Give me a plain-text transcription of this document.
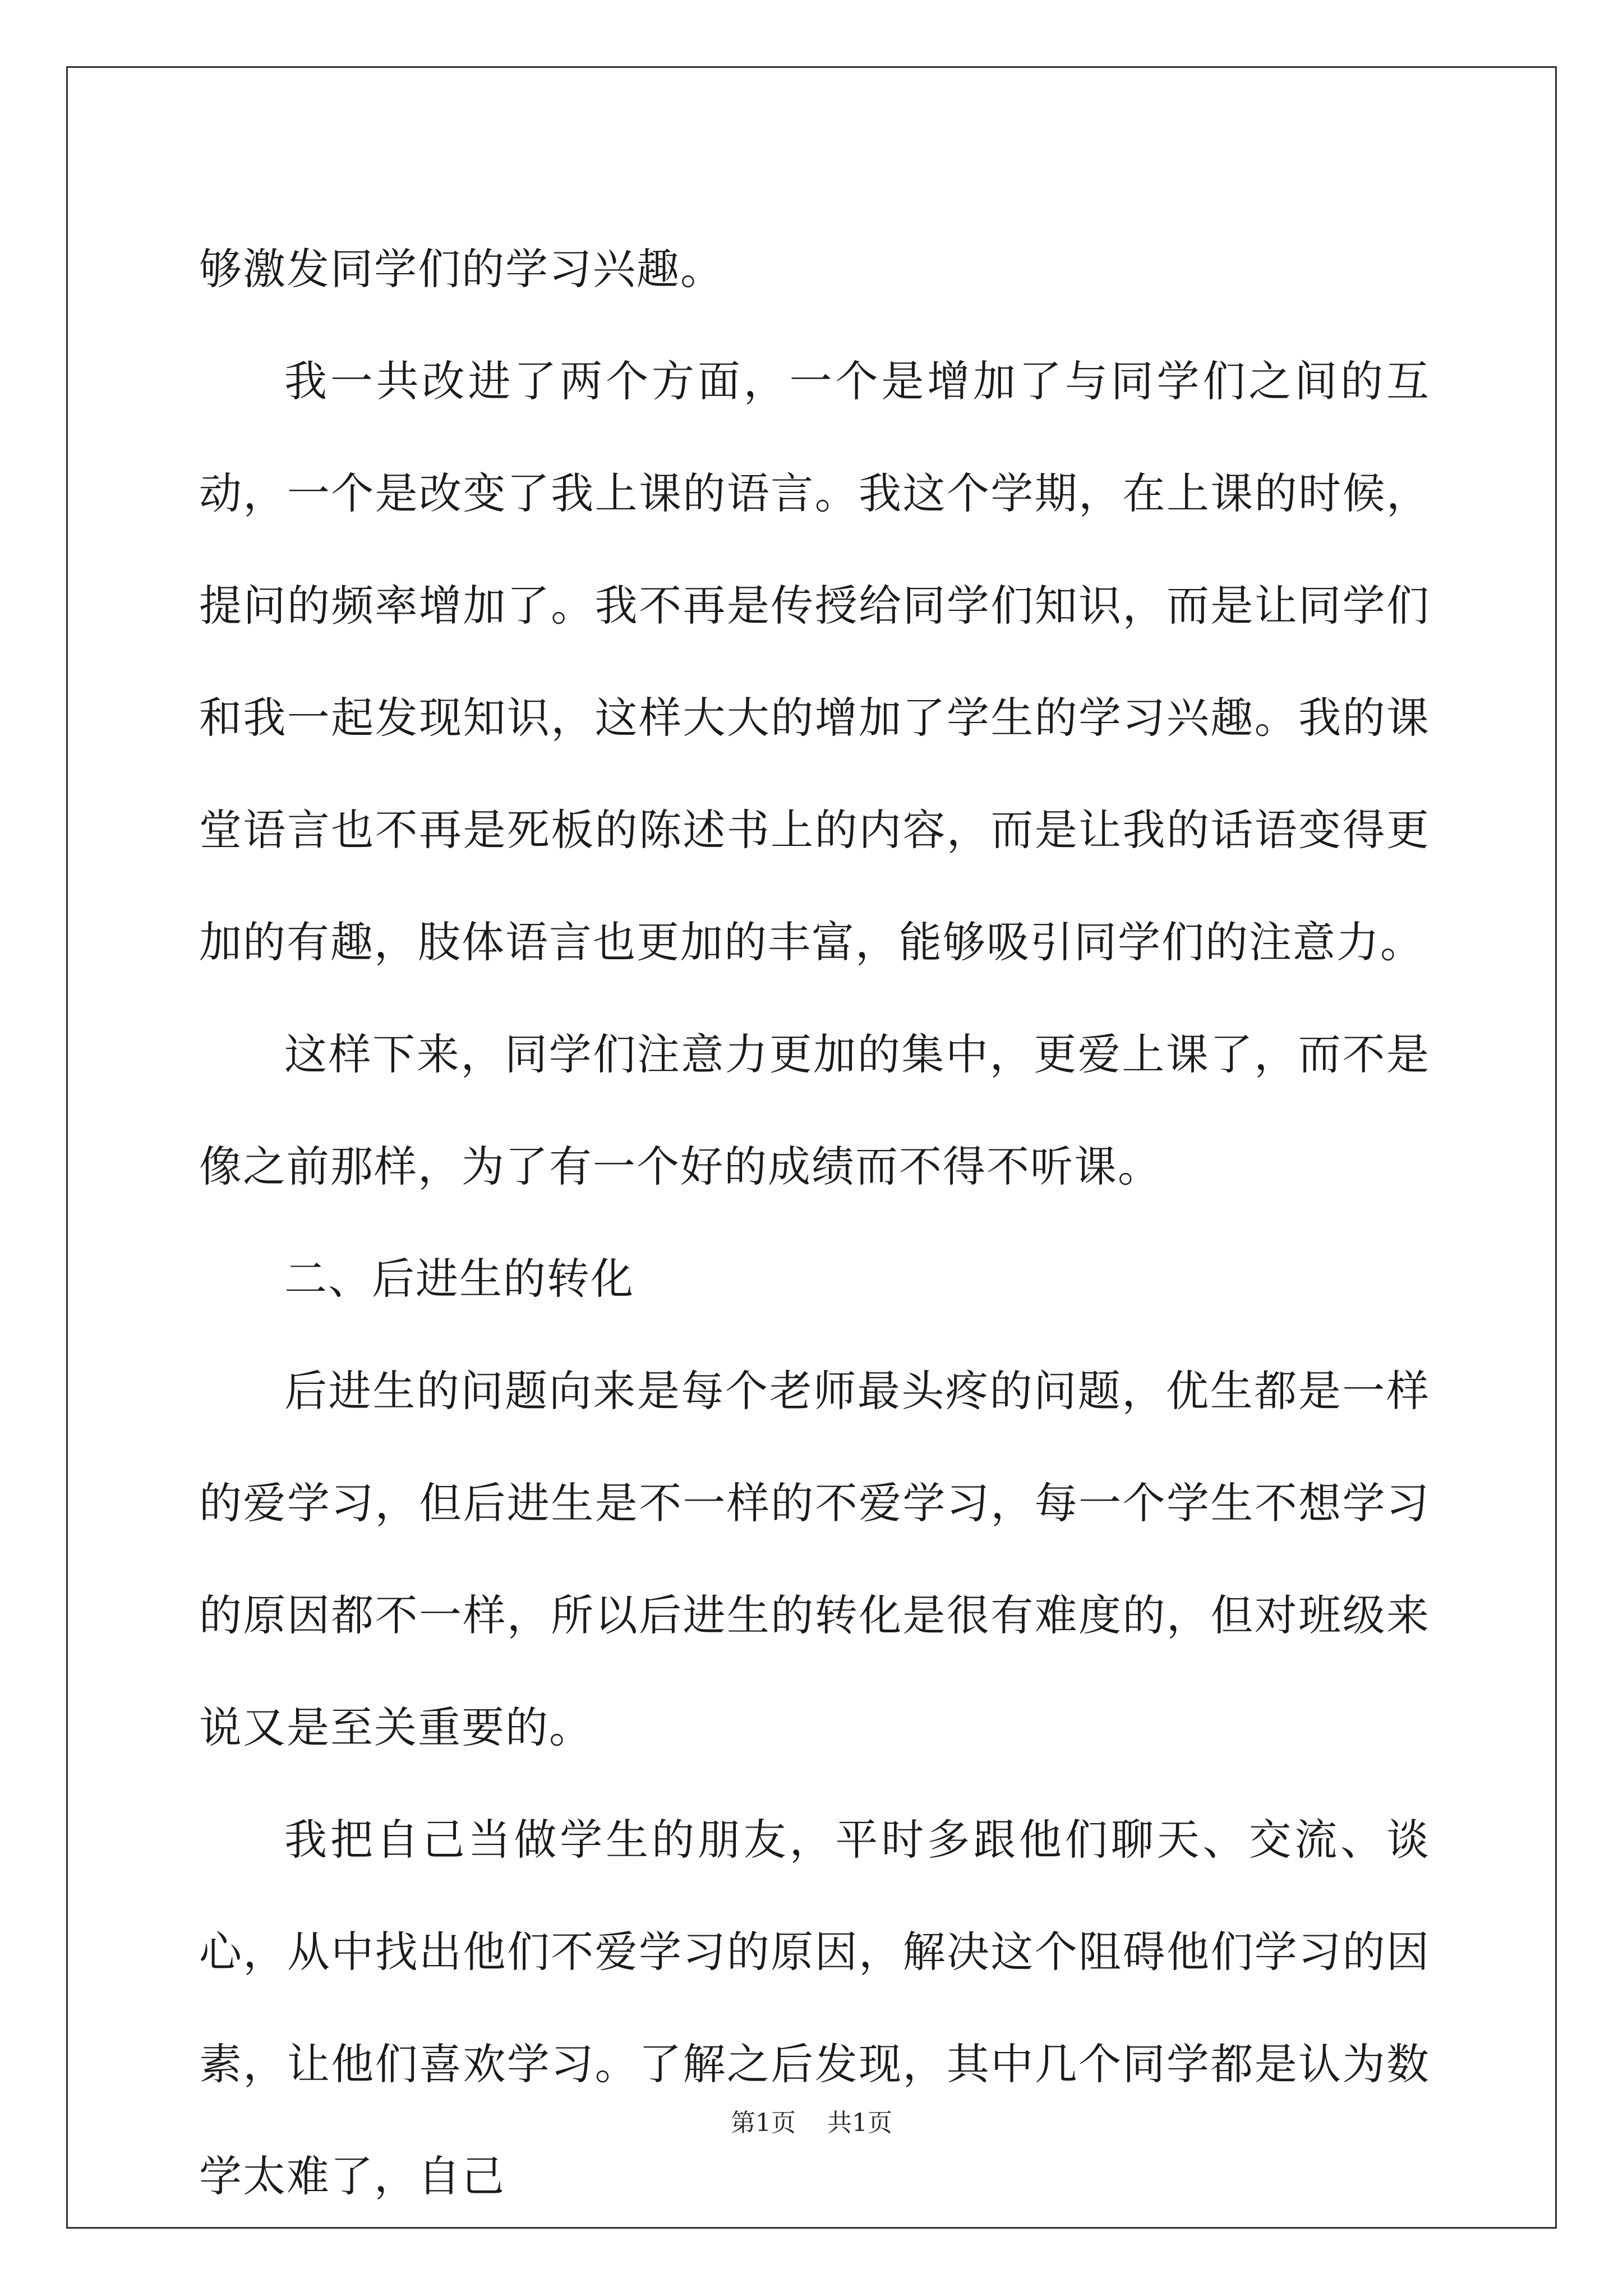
够激发同学们的学习兴趣。

我一共改进了两个方面，一个是增加了与同学们之间的互动，一个是改变了我上课的语言。我这个学期，在上课的时候，提问的频率增加了。我不再是传授给同学们知识，而是让同学们和我一起发现知识，这样大大的增加了学生的学习兴趣。我的课堂语言也不再是死板的陈述书上的内容，而是让我的话语变得更加的有趣，肢体语言也更加的丰富，能够吸引同学们的注意力。

这样下来，同学们注意力更加的集中，更爱上课了，而不是像之前那样，为了有一个好的成绩而不得不听课。

二、后进生的转化

后进生的问题向来是每个老师最头疼的问题，优生都是一样的爱学习，但后进生是不一样的不爱学习，每一个学生不想学习的原因都不一样，所以后进生的转化是很有难度的，但对班级来说又是至关重要的。

我把自己当做学生的朋友，平时多跟他们聊天、交流、谈心，从中找出他们不爱学习的原因，解决这个阻碍他们学习的因素，让他们喜欢学习。了解之后发现，其中几个同学都是认为数学太难了，自己

第1页 共1页
